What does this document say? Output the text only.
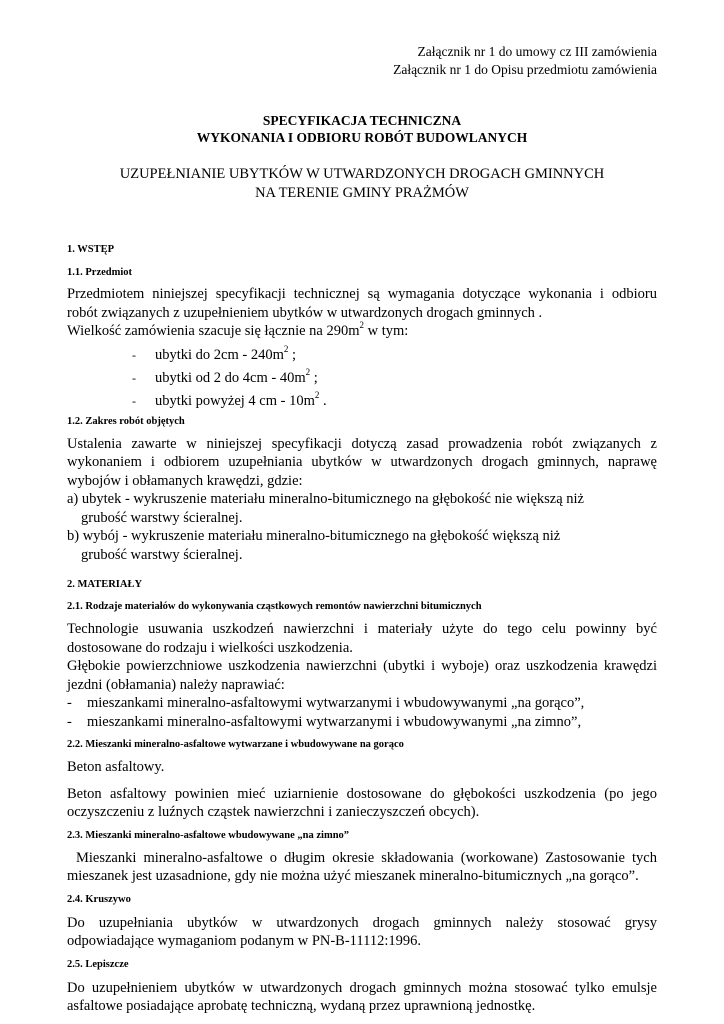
Załącznik nr 1 do umowy cz III zamówienia
Załącznik nr 1 do Opisu przedmiotu zamówienia
SPECYFIKACJA TECHNICZNA
WYKONANIA I ODBIORU ROBÓT BUDOWLANYCH
UZUPEŁNIANIE UBYTKÓW W UTWARDZONYCH DROGACH GMINNYCH
NA TERENIE GMINY PRAŻMÓW
1. WSTĘP
1.1. Przedmiot
Przedmiotem niniejszej specyfikacji technicznej są wymagania dotyczące wykonania i odbioru
robót związanych z uzupełnieniem ubytków w utwardzonych drogach gminnych .
Wielkość zamówienia szacuje się łącznie na $290m^2$ w tym:
- ubytki do $2cm - 240m^2$ ;
- ubytki od 2 do $4cm - 40m^2$ ;
- ubytki powyżej 4 cm - $10m^2$ .
1.2. Zakres robót objętych
Ustalenia zawarte w niniejszej specyfikacji dotyczą zasad prowadzenia robót związanych z
wykonaniem i odbiorem uzupełniania ubytków w utwardzonych drogach gminnych, naprawę
wybojów i obłamanych krawędzi, gdzie:
a) ubytek - wykruszenie materiału mineralno-bitumicznego na głębokość nie większą niż
grubość warstwy ścieralnej.
b) wybój - wykruszenie materiału mineralno-bitumicznego na głębokość większą niż
grubość warstwy ścieralnej.
2. MATERIAŁY
2.1. Rodzaje materiałów do wykonywania cząstkowych remontów nawierzchni bitumicznych
Technologie usuwania uszkodzeń nawierzchni i materiały użyte do tego celu powinny być
dostosowane do rodzaju i wielkości uszkodzenia.
Głębokie powierzchniowe uszkodzenia nawierzchni (ubytki i wyboje) oraz uszkodzenia krawędzi
jezdni (obłamania) należy naprawiać:
- mieszankami mineralno-asfaltowymi wytwarzanymi i wbudowywanymi „na gorąco”,
- mieszankami mineralno-asfaltowymi wytwarzanymi i wbudowywanymi „na zimno”,
2.2. Mieszanki mineralno-asfaltowe wytwarzane i wbudowywane na gorąco
Beton asfaltowy.
Beton asfaltowy powinien mieć uziarnienie dostosowane do głębokości uszkodzenia (po jego
oczyszczeniu z luźnych cząstek nawierzchni i zanieczyszczeń obcych).
2.3. Mieszanki mineralno-asfaltowe wbudowywane „na zimno”
Mieszanki mineralno-asfaltowe o długim okresie składowania (workowane) Zastosowanie tych
mieszanek jest uzasadnione, gdy nie można użyć mieszanek mineralno-bitumicznych „na gorąco”.
2.4. Kruszywo
Do uzupełniania ubytków w utwardzonych drogach gminnych należy stosować grysy
odpowiadające wymaganiom podanym w PN-B-11112:1996.
2.5. Lepiszcze
Do uzupełnieniem ubytków w utwardzonych drogach gminnych można stosować tylko emulsje
asfaltowe posiadające aprobatę techniczną, wydaną przez uprawnioną jednostkę.
